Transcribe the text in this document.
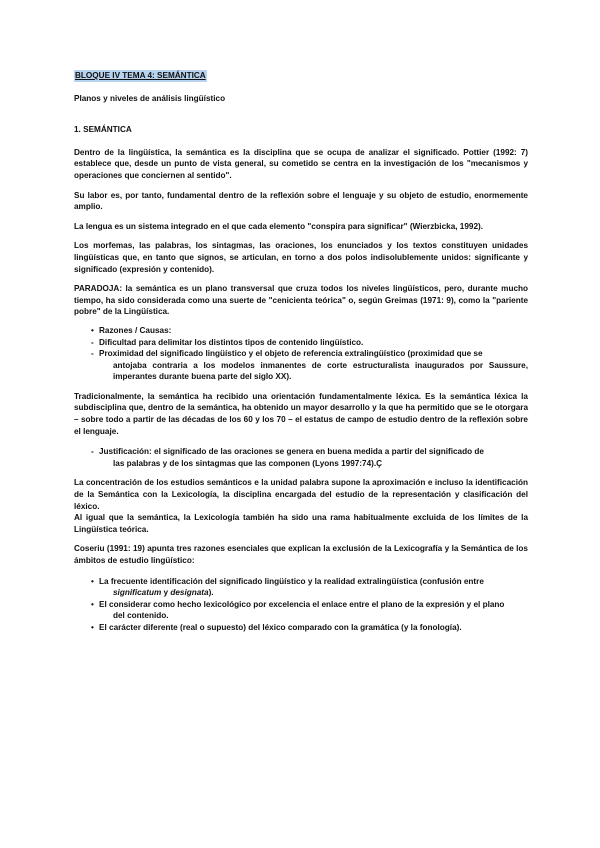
BLOQUE IV TEMA 4: SEMÁNTICA

Planos y niveles de análisis lingüístico

1. SEMÁNTICA

Dentro de la lingüística, la semántica es la disciplina que se ocupa de analizar el significado. Pottier (1992: 7) establece que, desde un punto de vista general, su cometido se centra en la investigación de los "mecanismos y operaciones que conciernen al sentido".

Su labor es, por tanto, fundamental dentro de la reflexión sobre el lenguaje y su objeto de estudio, enormemente amplio.

La lengua es un sistema integrado en el que cada elemento "conspira para significar" (Wierzbicka, 1992).

Los morfemas, las palabras, los sintagmas, las oraciones, los enunciados y los textos constituyen unidades lingüísticas que, en tanto que signos, se articulan, en torno a dos polos indisolublemente unidos: significante y significado (expresión y contenido).

PARADOJA: la semántica es un plano transversal que cruza todos los niveles lingüísticos, pero, durante mucho tiempo, ha sido considerada como una suerte de "cenicienta teórica" o, según Greimas (1971: 9), como la "pariente pobre" de la Lingüística.

• Razones / Causas:
- Dificultad para delimitar los distintos tipos de contenido lingüístico.
- Proximidad del significado lingüístico y el objeto de referencia extralingüístico (proximidad que se
antojaba contraria a los modelos inmanentes de corte estructuralista inaugurados por Saussure, imperantes durante buena parte del siglo XX).

Tradicionalmente, la semántica ha recibido una orientación fundamentalmente léxica. Es la semántica léxica la subdisciplina que, dentro de la semántica, ha obtenido un mayor desarrollo y la que ha permitido que se le otorgara – sobre todo a partir de las décadas de los 60 y los 70 – el estatus de campo de estudio dentro de la reflexión sobre el lenguaje.

- Justificación: el significado de las oraciones se genera en buena medida a partir del significado de
las palabras y de los sintagmas que las componen (Lyons 1997:74).Ç

La concentración de los estudios semánticos e la unidad palabra supone la aproximación e incluso la identificación de la Semántica con la Lexicología, la disciplina encargada del estudio de la representación y clasificación del léxico.

Al igual que la semántica, la Lexicología también ha sido una rama habitualmente excluida de los límites de la Lingüística teórica.

Coseriu (1991: 19) apunta tres razones esenciales que explican la exclusión de la Lexicografía y la Semántica de los ámbitos de estudio lingüístico:

• La frecuente identificación del significado lingüístico y la realidad extralingüística (confusión entre
significatum y designata).
• El considerar como hecho lexicológico por excelencia el enlace entre el plano de la expresión y el plano
del contenido.
• El carácter diferente (real o supuesto) del léxico comparado con la gramática (y la fonología).
